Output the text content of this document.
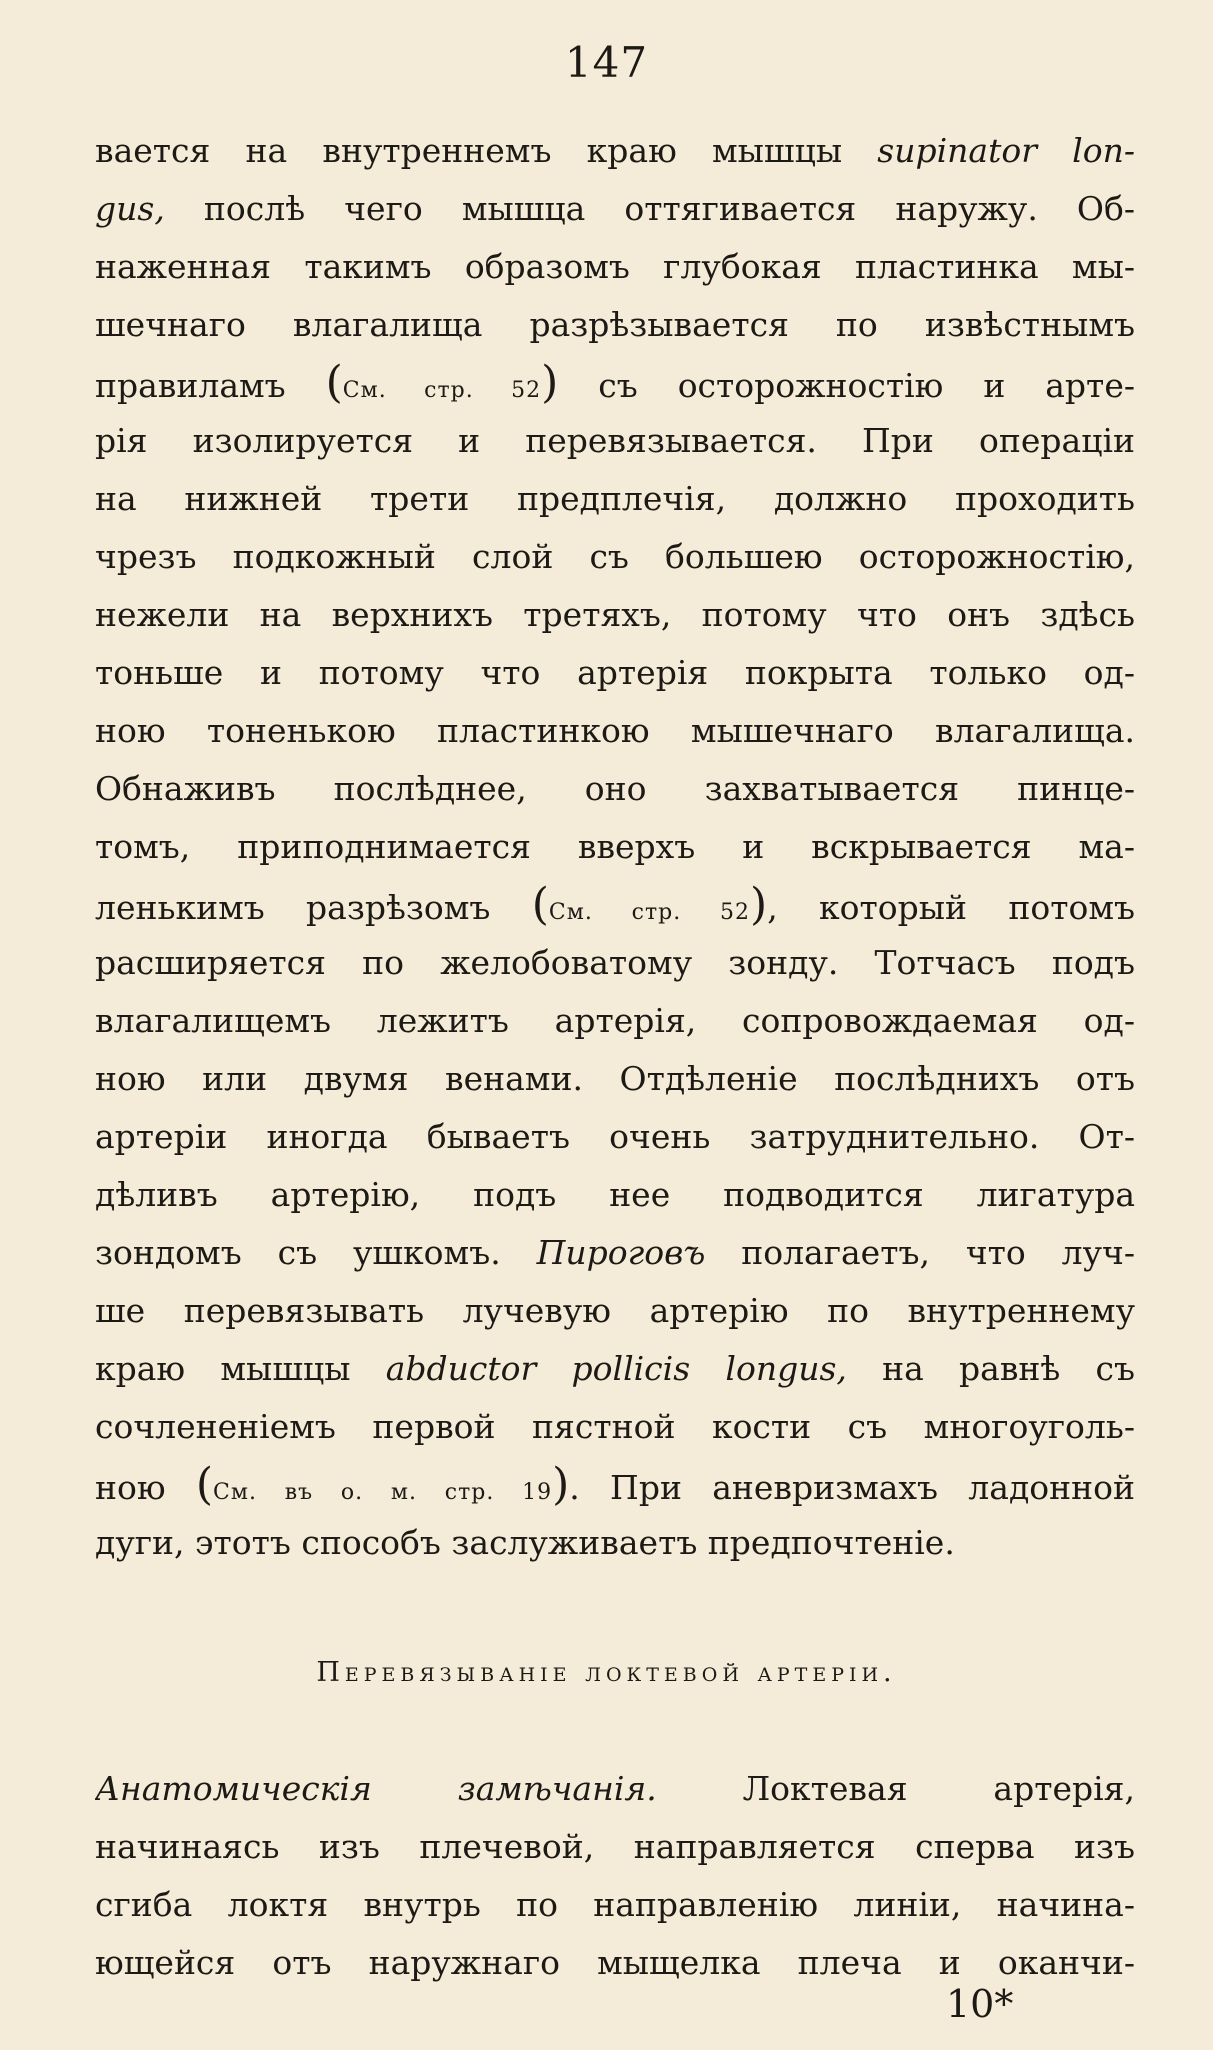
147
вается на внутреннемъ краю мышцы supinator lon-
gus, послѣ чего мышца оттягивается наружу. Об-
наженная такимъ образомъ глубокая пластинка мы-
шечнаго влагалища разрѣзывается по извѣстнымъ
правиламъ (См. стр. 52) съ осторожностію и арте-
рія изолируется и перевязывается. При операціи
на нижней трети предплечія, должно проходить
чрезъ подкожный слой съ большею осторожностію,
нежели на верхнихъ третяхъ, потому что онъ здѣсь
тоньше и потому что артерія покрыта только од-
ною тоненькою пластинкою мышечнаго влагалища.
Обнаживъ послѣднее, оно захватывается пинце-
томъ, приподнимается вверхъ и вскрывается ма-
ленькимъ разрѣзомъ (См. стр. 52), который потомъ
расширяется по желобоватому зонду. Тотчасъ подъ
влагалищемъ лежитъ артерія, сопровождаемая од-
ною или двумя венами. Отдѣленіе послѣднихъ отъ
артеріи иногда бываетъ очень затруднительно. От-
дѣливъ артерію, подъ нее подводится лигатура
зондомъ съ ушкомъ. Пироговъ полагаетъ, что луч-
ше перевязывать лучевую артерію по внутреннему
краю мышцы abductor pollicis longus, на равнѣ съ
сочлененіемъ первой пястной кости съ многоуголь-
ною (См. въ о. м. стр. 19). При аневризмахъ ладонной
дуги, этотъ способъ заслуживаетъ предпочтеніе.
Перевязываніе локтевой артеріи.
Анатомическія замѣчанія. Локтевая артерія,
начинаясь изъ плечевой, направляется сперва изъ
сгиба локтя внутрь по направленію линіи, начина-
ющейся отъ наружнаго мыщелка плеча и оканчи-
10*
